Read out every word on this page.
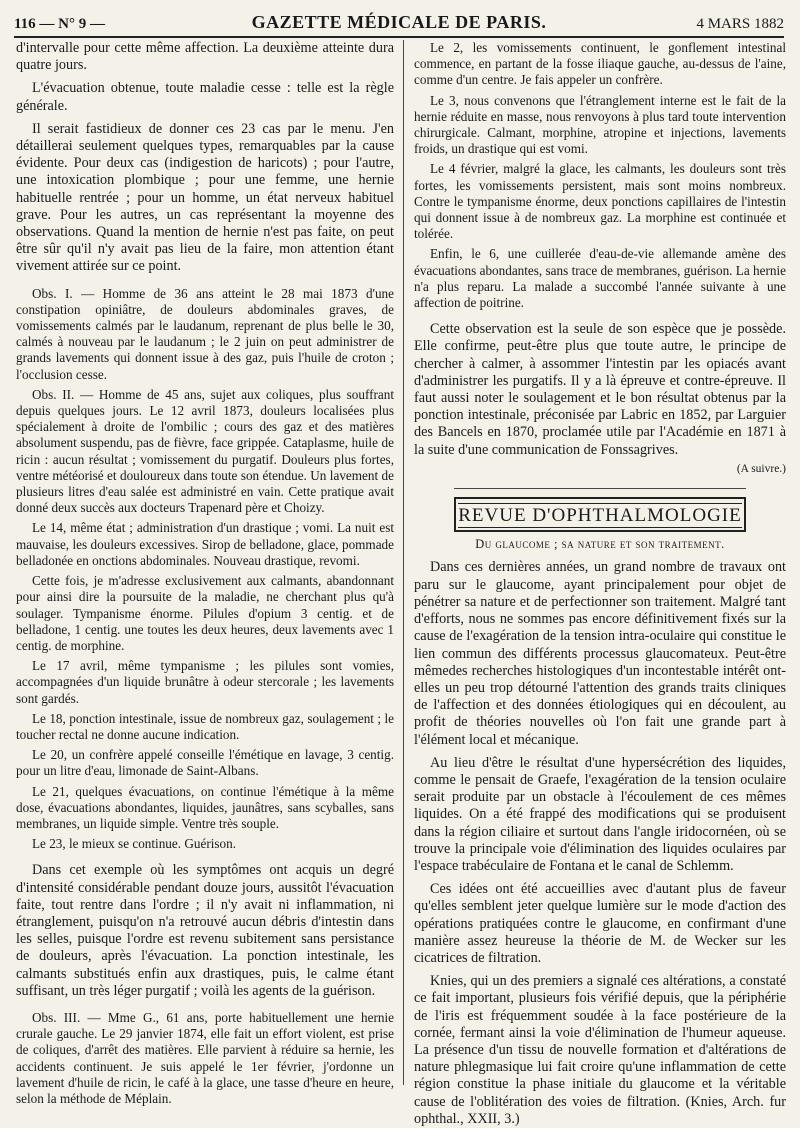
116 — N° 9 —	GAZETTE MÉDICALE DE PARIS.	4 MARS 1882

d'intervalle pour cette même affection. La deuxième atteinte dura quatre jours.

L'évacuation obtenue, toute maladie cesse : telle est la règle générale.

Il serait fastidieux de donner ces 23 cas par le menu. J'en détaillerai seulement quelques types, remarquables par la cause évidente. Pour deux cas (indigestion de haricots) ; pour l'autre, une intoxication plombique ; pour une femme, une hernie habituelle rentrée ; pour un homme, un état nerveux habituel grave. Pour les autres, un cas représentant la moyenne des observations. Quand la mention de hernie n'est pas faite, on peut être sûr qu'il n'y avait pas lieu de la faire, mon attention étant vivement attirée sur ce point.

Obs. I. — Homme de 36 ans atteint le 28 mai 1873 d'une constipation opiniâtre, de douleurs abdominales graves, de vomissements calmés par le laudanum, reprenant de plus belle le 30, calmés à nouveau par le laudanum ; le 2 juin on peut administrer de grands lavements qui donnent issue à des gaz, puis l'huile de croton ; l'occlusion cesse.

Obs. II. — Homme de 45 ans, sujet aux coliques, plus souffrant depuis quelques jours. Le 12 avril 1873, douleurs localisées plus spécialement à droite de l'ombilic ; cours des gaz et des matières absolument suspendu, pas de fièvre, face grippée. Cataplasme, huile de ricin : aucun résultat ; vomissement du purgatif. Douleurs plus fortes, ventre météorisé et douloureux dans toute son étendue. Un lavement de plusieurs litres d'eau salée est administré en vain. Cette pratique avait donné deux succès aux docteurs Trapenard père et Choizy.

Le 14, même état ; administration d'un drastique ; vomi. La nuit est mauvaise, les douleurs excessives. Sirop de belladone, glace, pommade belladonée en onctions abdominales. Nouveau drastique, revomi.

Cette fois, je m'adresse exclusivement aux calmants, abandonnant pour ainsi dire la poursuite de la maladie, ne cherchant plus qu'à soulager. Tympanisme énorme. Pilules d'opium 3 centig. et de belladone, 1 centig. une toutes les deux heures, deux lavements avec 1 centig. de morphine.

Le 17 avril, même tympanisme ; les pilules sont vomies, accompagnées d'un liquide brunâtre à odeur stercorale ; les lavements sont gardés.

Le 18, ponction intestinale, issue de nombreux gaz, soulagement ; le toucher rectal ne donne aucune indication.

Le 20, un confrère appelé conseille l'émétique en lavage, 3 centig. pour un litre d'eau, limonade de Saint-Albans.

Le 21, quelques évacuations, on continue l'émétique à la même dose, évacuations abondantes, liquides, jaunâtres, sans scyballes, sans membranes, un liquide simple. Ventre très souple.

Le 23, le mieux se continue. Guérison.

Dans cet exemple où les symptômes ont acquis un degré d'intensité considérable pendant douze jours, aussitôt l'évacuation faite, tout rentre dans l'ordre ; il n'y avait ni inflammation, ni étranglement, puisqu'on n'a retrouvé aucun débris d'intestin dans les selles, puisque l'ordre est revenu subitement sans persistance de douleurs, après l'évacuation. La ponction intestinale, les calmants substitués enfin aux drastiques, puis, le calme étant suffisant, un très léger purgatif ; voilà les agents de la guérison.

Obs. III. — Mme G., 61 ans, porte habituellement une hernie crurale gauche. Le 29 janvier 1874, elle fait un effort violent, est prise de coliques, d'arrêt des matières. Elle parvient à réduire sa hernie, les accidents continuent. Je suis appelé le 1er février, j'ordonne un lavement d'huile de ricin, le café à la glace, une tasse d'heure en heure, selon la méthode de Méplain.

Le 2, les vomissements continuent, le gonflement intestinal commence, en partant de la fosse iliaque gauche, au-dessus de l'aine, comme d'un centre. Je fais appeler un confrère.

Le 3, nous convenons que l'étranglement interne est le fait de la hernie réduite en masse, nous renvoyons à plus tard toute intervention chirurgicale. Calmant, morphine, atropine et injections, lavements froids, un drastique qui est vomi.

Le 4 février, malgré la glace, les calmants, les douleurs sont très fortes, les vomissements persistent, mais sont moins nombreux. Contre le tympanisme énorme, deux ponctions capillaires de l'intestin qui donnent issue à de nombreux gaz. La morphine est continuée et tolérée.

Enfin, le 6, une cuillerée d'eau-de-vie allemande amène des évacuations abondantes, sans trace de membranes, guérison. La hernie n'a plus reparu. La malade a succombé l'année suivante à une affection de poitrine.

Cette observation est la seule de son espèce que je possède. Elle confirme, peut-être plus que toute autre, le principe de chercher à calmer, à assommer l'intestin par les opiacés avant d'administrer les purgatifs. Il y a là épreuve et contre-épreuve. Il faut aussi noter le soulagement et le bon résultat obtenus par la ponction intestinale, préconisée par Labric en 1852, par Larguier des Bancels en 1870, proclamée utile par l'Académie en 1871 à la suite d'une communication de Fonssagrives.

(A suivre.)
REVUE D'OPHTHALMOLOGIE
Du glaucome ; sa nature et son traitement.

Dans ces dernières années, un grand nombre de travaux ont paru sur le glaucome, ayant principalement pour objet de pénétrer sa nature et de perfectionner son traitement. Malgré tant d'efforts, nous ne sommes pas encore définitivement fixés sur la cause de l'exagération de la tension intra-oculaire qui constitue le lien commun des différents processus glaucomateux. Peut-être mêmedes recherches histologiques d'un incontestable intérêt ont-elles un peu trop détourné l'attention des grands traits cliniques de l'affection et des données étiologiques qui en découlent, au profit de théories nouvelles où l'on fait une grande part à l'élément local et mécanique.

Au lieu d'être le résultat d'une hypersécrétion des liquides, comme le pensait de Graefe, l'exagération de la tension oculaire serait produite par un obstacle à l'écoulement de ces mêmes liquides. On a été frappé des modifications qui se produisent dans la région ciliaire et surtout dans l'angle iridocornéen, où se trouve la principale voie d'élimination des liquides oculaires par l'espace trabéculaire de Fontana et le canal de Schlemm.

Ces idées ont été accueillies avec d'autant plus de faveur qu'elles semblent jeter quelque lumière sur le mode d'action des opérations pratiquées contre le glaucome, en confirmant d'une manière assez heureuse la théorie de M. de Wecker sur les cicatrices de filtration.

Knies, qui un des premiers a signalé ces altérations, a constaté ce fait important, plusieurs fois vérifié depuis, que la périphérie de l'iris est fréquemment soudée à la face postérieure de la cornée, fermant ainsi la voie d'élimination de l'humeur aqueuse. La présence d'un tissu de nouvelle formation et d'altérations de nature phlegmasique lui fait croire qu'une inflammation de cette région constitue la phase initiale du glaucome et la véritable cause de l'oblitération des voies de filtration. (Knies, Arch. fur ophthal., XXII, 3.)
